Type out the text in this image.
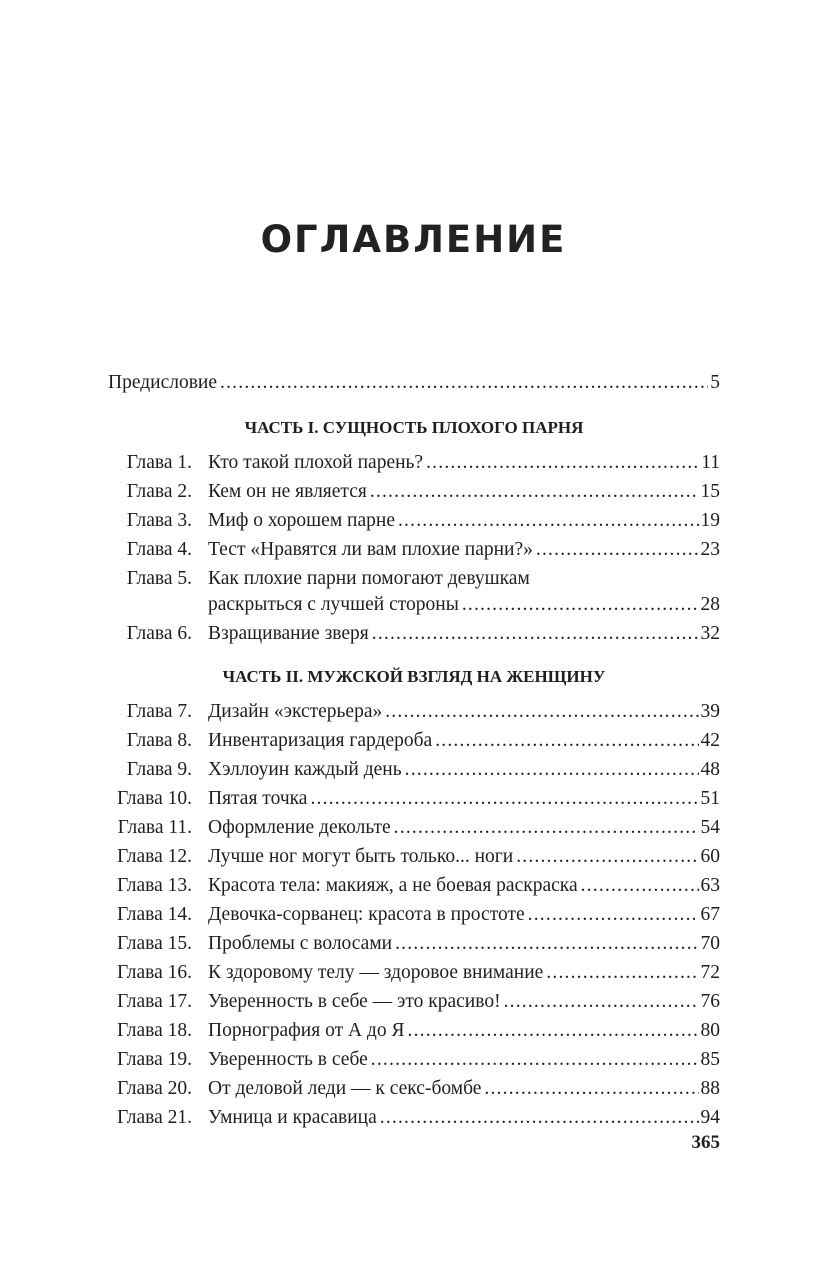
ОГЛАВЛЕНИЕ
Предисловие .....	5
ЧАСТЬ I. СУЩНОСТЬ ПЛОХОГО ПАРНЯ
Глава 1. Кто такой плохой парень? .....	11
Глава 2. Кем он не является .....	15
Глава 3. Миф о хорошем парне .....	19
Глава 4. Тест «Нравятся ли вам плохие парни?» .....	23
Глава 5. Как плохие парни помогают девушкам
раскрыться с лучшей стороны .....	28
Глава 6. Взращивание зверя .....	32
ЧАСТЬ II. МУЖСКОЙ ВЗГЛЯД НА ЖЕНЩИНУ
Глава 7. Дизайн «экстерьера» .....	39
Глава 8. Инвентаризация гардероба .....	42
Глава 9. Хэллоуин каждый день .....	48
Глава 10. Пятая точка .....	51
Глава 11. Оформление декольте .....	54
Глава 12. Лучше ног могут быть только... ноги .....	60
Глава 13. Красота тела: макияж, а не боевая раскраска .....	63
Глава 14. Девочка-сорванец: красота в простоте .....	67
Глава 15. Проблемы с волосами .....	70
Глава 16. К здоровому телу — здоровое внимание .....	72
Глава 17. Уверенность в себе — это красиво! .....	76
Глава 18. Порнография от А до Я .....	80
Глава 19. Уверенность в себе .....	85
Глава 20. От деловой леди — к секс-бомбе .....	88
Глава 21. Умница и красавица .....	94
365
